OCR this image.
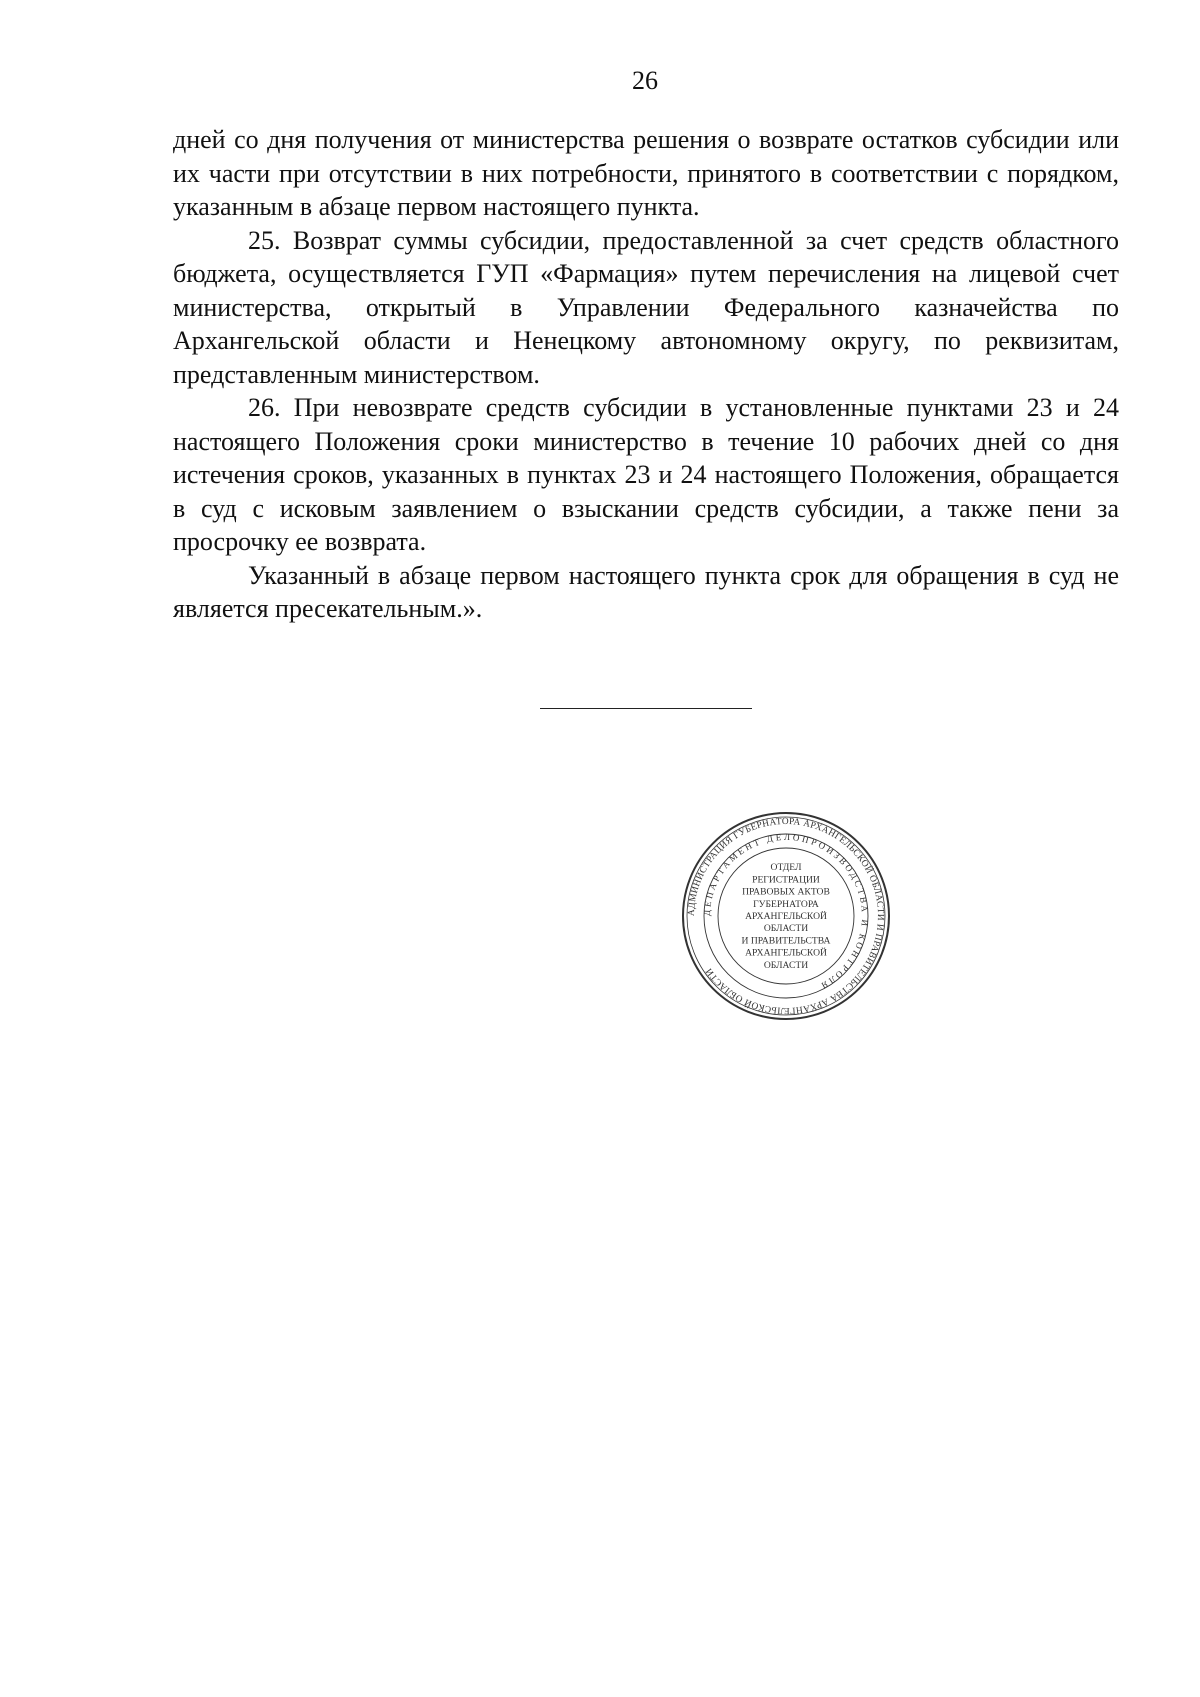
26

дней со дня получения от министерства решения о возврате остатков субсидии или их части при отсутствии в них потребности, принятого в соответствии с порядком, указанным в абзаце первом настоящего пункта.

25. Возврат суммы субсидии, предоставленной за счет средств областного бюджета, осуществляется ГУП «Фармация» путем перечисления на лицевой счет министерства, открытый в Управлении Федерального казначейства по Архангельской области и Ненецкому автономному округу, по реквизитам, представленным министерством.

26. При невозврате средств субсидии в установленные пунктами 23 и 24 настоящего Положения сроки министерство в течение 10 рабочих дней со дня истечения сроков, указанных в пунктах 23 и 24 настоящего Положения, обращается в суд с исковым заявлением о взыскании средств субсидии, а также пени за просрочку ее возврата.

Указанный в абзаце первом настоящего пункта срок для обращения в суд не является пресекательным.».

АДМИНИСТРАЦИЯ ГУБЕРНАТОРА АРХАНГЕЛЬСКОЙ ОБЛАСТИ И ПРАВИТЕЛЬСТВА АРХАНГЕЛЬСКОЙ ОБЛАСТИ
ДЕПАРТАМЕНТ ДЕЛОПРОИЗВОДСТВА И КОНТРОЛЯ
ОТДЕЛ
РЕГИСТРАЦИИ
ПРАВОВЫХ АКТОВ
ГУБЕРНАТОРА
АРХАНГЕЛЬСКОЙ
ОБЛАСТИ
И ПРАВИТЕЛЬСТВА
АРХАНГЕЛЬСКОЙ
ОБЛАСТИ
